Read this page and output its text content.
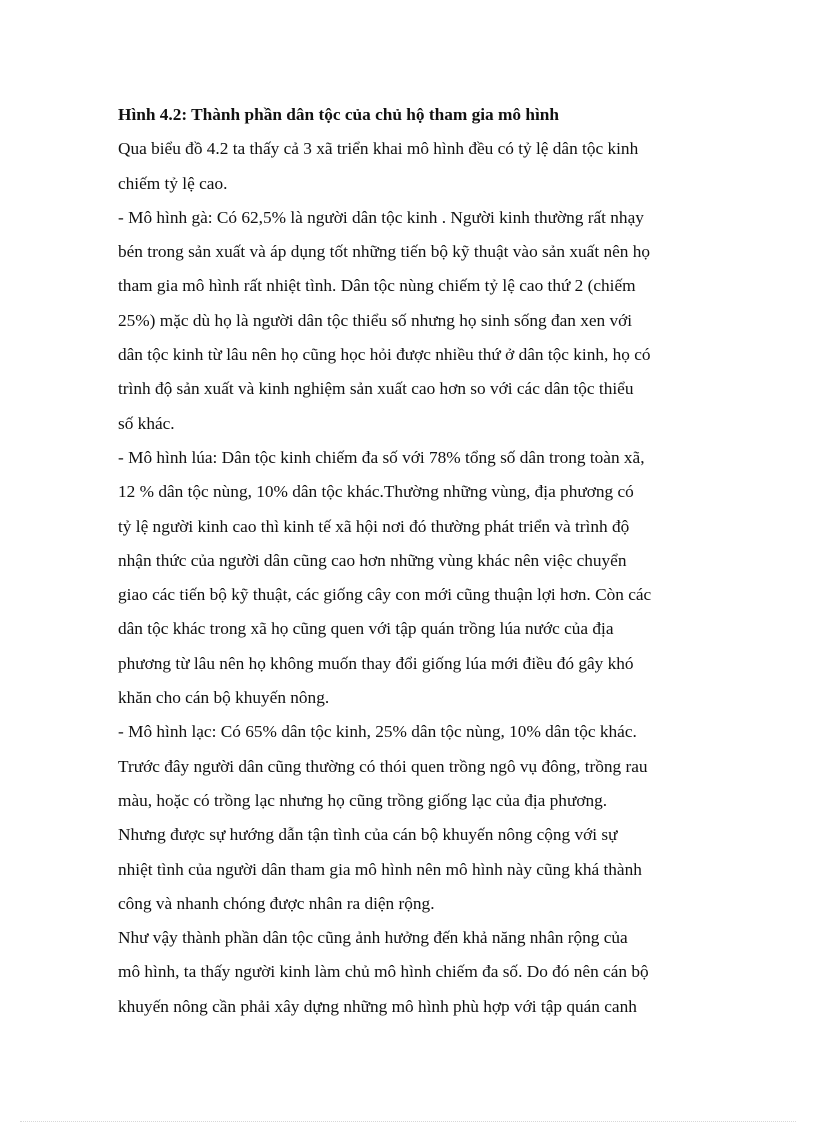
Hình 4.2: Thành phần dân tộc của chủ hộ tham gia mô hình
Qua biểu đồ 4.2 ta thấy cả 3 xã triển khai mô hình đều có tỷ lệ dân tộc kinh
chiếm tỷ lệ cao.
- Mô hình gà: Có 62,5% là người dân tộc kinh . Người kinh thường rất nhạy
bén trong sản xuất và áp dụng tốt những tiến bộ kỹ thuật vào sản xuất nên họ
tham gia mô hình rất nhiệt tình. Dân tộc nùng chiếm tỷ lệ cao thứ 2 (chiếm
25%) mặc dù họ là người dân tộc thiểu số nhưng họ sinh sống đan xen với
dân tộc kinh từ lâu nên họ cũng học hỏi được nhiều thứ ở dân tộc kinh, họ có
trình độ sản xuất và kinh nghiệm sản xuất cao hơn so với các dân tộc thiểu
số khác.
- Mô hình lúa: Dân tộc kinh chiếm đa số với 78% tổng số dân trong toàn xã,
12 % dân tộc nùng, 10% dân tộc khác.Thường những vùng, địa phương có
tỷ lệ người kinh cao thì kinh tế xã hội nơi đó thường phát triển và trình độ
nhận thức của người dân cũng cao hơn những vùng khác nên việc chuyển
giao các tiến bộ kỹ thuật, các giống cây con mới cũng thuận lợi hơn. Còn các
dân tộc khác trong xã họ cũng quen với tập quán trồng lúa nước của địa
phương từ lâu nên họ không muốn thay đổi giống lúa mới điều đó gây khó
khăn cho cán bộ khuyến nông.
- Mô hình lạc: Có 65% dân tộc kinh, 25% dân tộc nùng, 10% dân tộc khác.
Trước đây người dân cũng thường có thói quen trồng ngô vụ đông, trồng rau
màu, hoặc có trồng lạc nhưng họ cũng trồng giống lạc của địa phương.
Nhưng được sự hướng dẫn tận tình của cán bộ khuyến nông cộng với sự
nhiệt tình của người dân tham gia mô hình nên mô hình này cũng khá thành
công và nhanh chóng được nhân ra diện rộng.
Như vậy thành phần dân tộc cũng ảnh hưởng đến khả năng nhân rộng của
mô hình, ta thấy người kinh làm chủ mô hình chiếm đa số. Do đó nên cán bộ
khuyến nông cần phải xây dựng những mô hình phù hợp với tập quán canh
